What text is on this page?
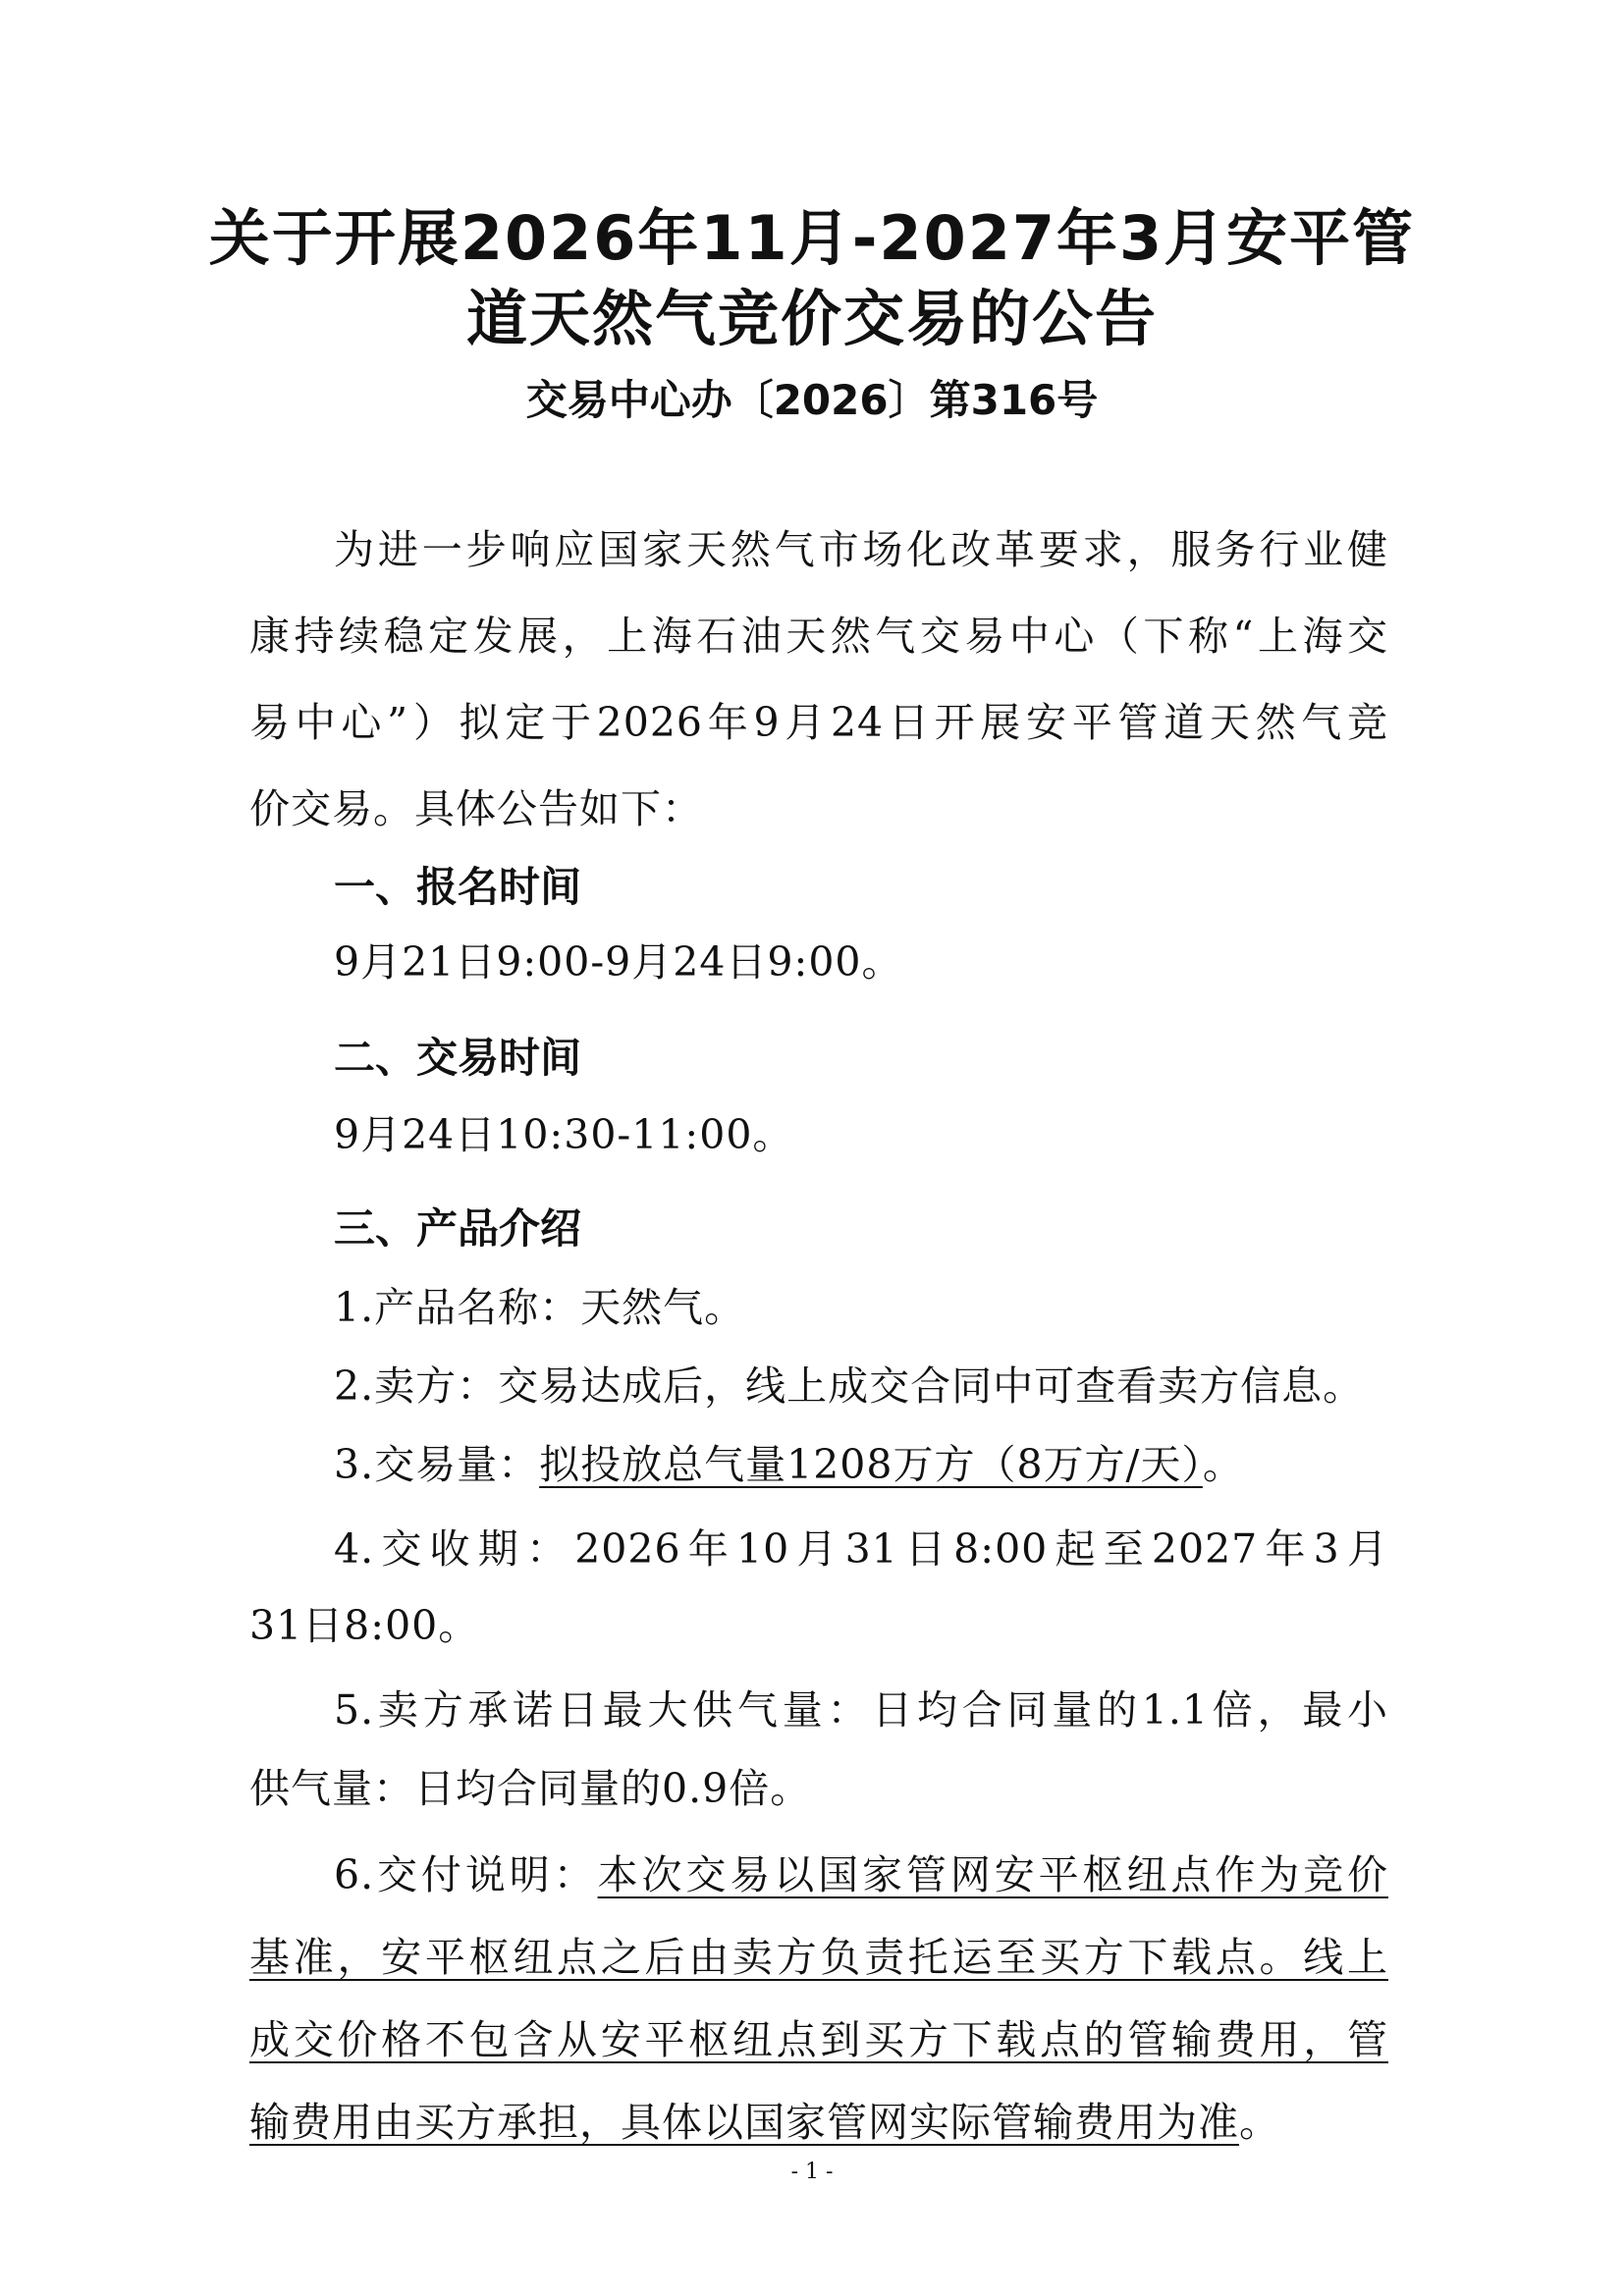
关于开展2026年11月-2027年3月安平管
道天然气竞价交易的公告
交易中心办〔2026〕第316号
为进一步响应国家天然气市场化改革要求，服务行业健
康持续稳定发展，上海石油天然气交易中心（下称“上海交
易中心”）拟定于2026年9月24日开展安平管道天然气竞
价交易。具体公告如下：
一、报名时间
9月21日9:00-9月24日9:00。
二、交易时间
9月24日10:30-11:00。
三、产品介绍
1.产品名称：天然气。
2.卖方：交易达成后，线上成交合同中可查看卖方信息。
3.交易量：拟投放总气量1208万方（8万方/天）。
4.交收期：2026年10月31日8:00起至2027年3月
31日8:00。
5.卖方承诺日最大供气量：日均合同量的1.1倍，最小
供气量：日均合同量的0.9倍。
6.交付说明：本次交易以国家管网安平枢纽点作为竞价
基准，安平枢纽点之后由卖方负责托运至买方下载点。线上
成交价格不包含从安平枢纽点到买方下载点的管输费用，管
输费用由买方承担，具体以国家管网实际管输费用为准。
- 1 -
